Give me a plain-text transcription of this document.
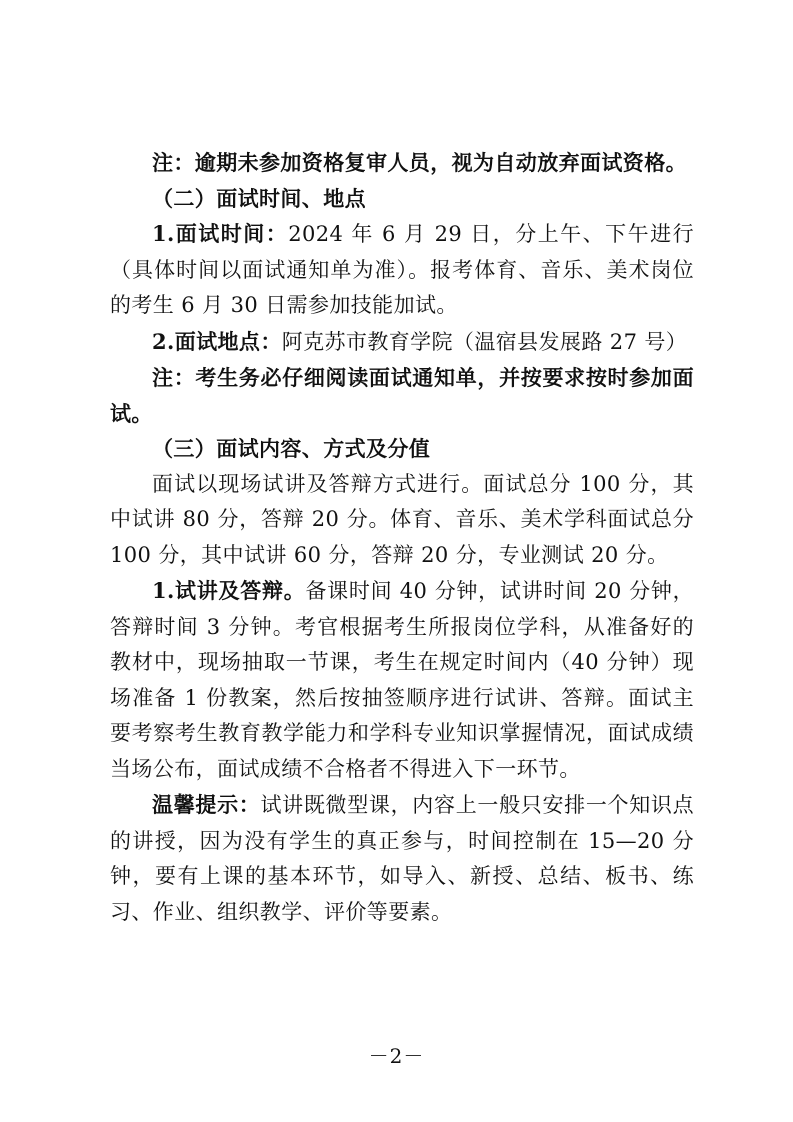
注：逾期未参加资格复审人员，视为自动放弃面试资格。

（二）面试时间、地点

1.面试时间：2024 年 6 月 29 日，分上午、下午进行（具体时间以面试通知单为准）。报考体育、音乐、美术岗位的考生 6 月 30 日需参加技能加试。

2.面试地点：阿克苏市教育学院（温宿县发展路 27 号）

注：考生务必仔细阅读面试通知单，并按要求按时参加面试。

（三）面试内容、方式及分值

面试以现场试讲及答辩方式进行。面试总分 100 分，其中试讲 80 分，答辩 20 分。体育、音乐、美术学科面试总分 100 分，其中试讲 60 分，答辩 20 分，专业测试 20 分。

1.试讲及答辩。备课时间 40 分钟，试讲时间 20 分钟，答辩时间 3 分钟。考官根据考生所报岗位学科，从准备好的教材中，现场抽取一节课，考生在规定时间内（40 分钟）现场准备 1 份教案，然后按抽签顺序进行试讲、答辩。面试主要考察考生教育教学能力和学科专业知识掌握情况，面试成绩当场公布，面试成绩不合格者不得进入下一环节。

温馨提示：试讲既微型课，内容上一般只安排一个知识点的讲授，因为没有学生的真正参与，时间控制在 15—20 分钟，要有上课的基本环节，如导入、新授、总结、板书、练习、作业、组织教学、评价等要素。

－2－
